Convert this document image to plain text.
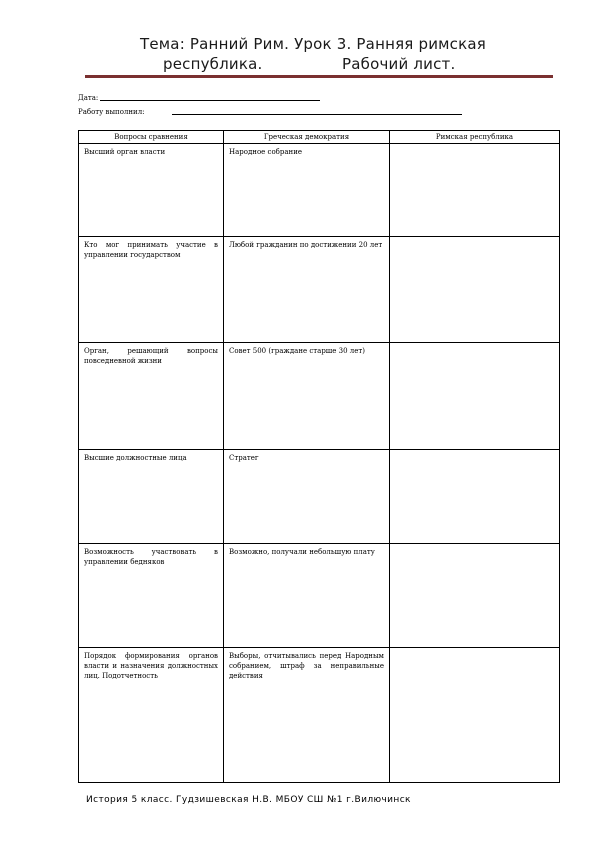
Тема: Ранний Рим. Урок 3. Ранняя римская
республика.                Рабочий лист.
Дата:
Работу выполнил:
Вопросы сравнения	Греческая демократия	Римская республика
Высший орган власти	Народное собрание	
Кто мог принимать участие в управлении государством	Любой гражданин по достижении 20 лет	
Орган, решающий вопросы повседневной жизни	Совет 500 (граждане старше 30 лет)	
Высшие должностные лица	Стратег	
Возможность участвовать в управлении бедняков	Возможно, получали небольшую плату	
Порядок формирования органов власти и назначения должностных лиц. Подотчетность	Выборы, отчитывались перед Народным собранием, штраф за неправильные действия	
История 5 класс. Гудзишевская Н.В. МБОУ СШ №1 г.Вилючинск
